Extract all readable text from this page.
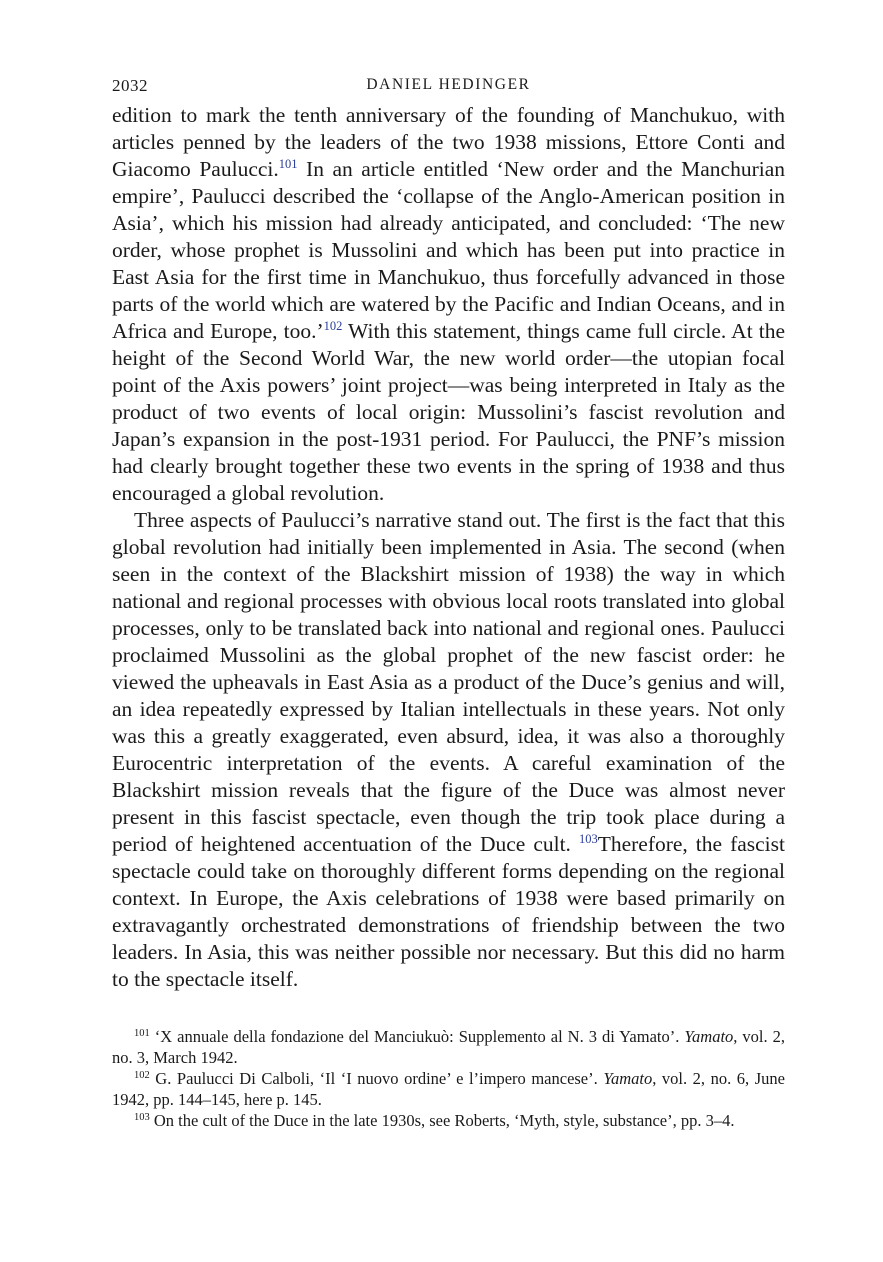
2032	DANIEL HEDINGER

edition to mark the tenth anniversary of the founding of Manchukuo, with articles penned by the leaders of the two 1938 missions, Ettore Conti and Giacomo Paulucci.$^{101}$ In an article entitled ‘New order and the Manchurian empire’, Paulucci described the ‘collapse of the Anglo-American position in Asia’, which his mission had already anticipated, and concluded: ‘The new order, whose prophet is Mussolini and which has been put into practice in East Asia for the first time in Manchukuo, thus forcefully advanced in those parts of the world which are watered by the Pacific and Indian Oceans, and in Africa and Europe, too.’$^{102}$ With this statement, things came full circle. At the height of the Second World War, the new world order—the utopian focal point of the Axis powers’ joint project—was being interpreted in Italy as the product of two events of local origin: Mussolini’s fascist revolution and Japan’s expansion in the post-1931 period. For Paulucci, the PNF’s mission had clearly brought together these two events in the spring of 1938 and thus encouraged a global revolution.

Three aspects of Paulucci’s narrative stand out. The first is the fact that this global revolution had initially been implemented in Asia. The second (when seen in the context of the Blackshirt mission of 1938) the way in which national and regional processes with obvious local roots translated into global processes, only to be translated back into national and regional ones. Paulucci proclaimed Mussolini as the global prophet of the new fascist order: he viewed the upheavals in East Asia as a product of the Duce’s genius and will, an idea repeatedly expressed by Italian intellectuals in these years. Not only was this a greatly exaggerated, even absurd, idea, it was also a thoroughly Eurocentric interpretation of the events. A careful examination of the Blackshirt mission reveals that the figure of the Duce was almost never present in this fascist spectacle, even though the trip took place during a period of heightened accentuation of the Duce cult. $^{103}$Therefore, the fascist spectacle could take on thoroughly different forms depending on the regional context. In Europe, the Axis celebrations of 1938 were based primarily on extravagantly orchestrated demonstrations of friendship between the two leaders. In Asia, this was neither possible nor necessary. But this did no harm to the spectacle itself.

$^{101}$ ‘X annuale della fondazione del Manciukuò: Supplemento al N. 3 di Yamato’. Yamato, vol. 2, no. 3, March 1942.

$^{102}$ G. Paulucci Di Calboli, ‘Il ‘I nuovo ordine’ e l’impero mancese’. Yamato, vol. 2, no. 6, June 1942, pp. 144–145, here p. 145.

$^{103}$ On the cult of the Duce in the late 1930s, see Roberts, ‘Myth, style, substance’, pp. 3–4.
